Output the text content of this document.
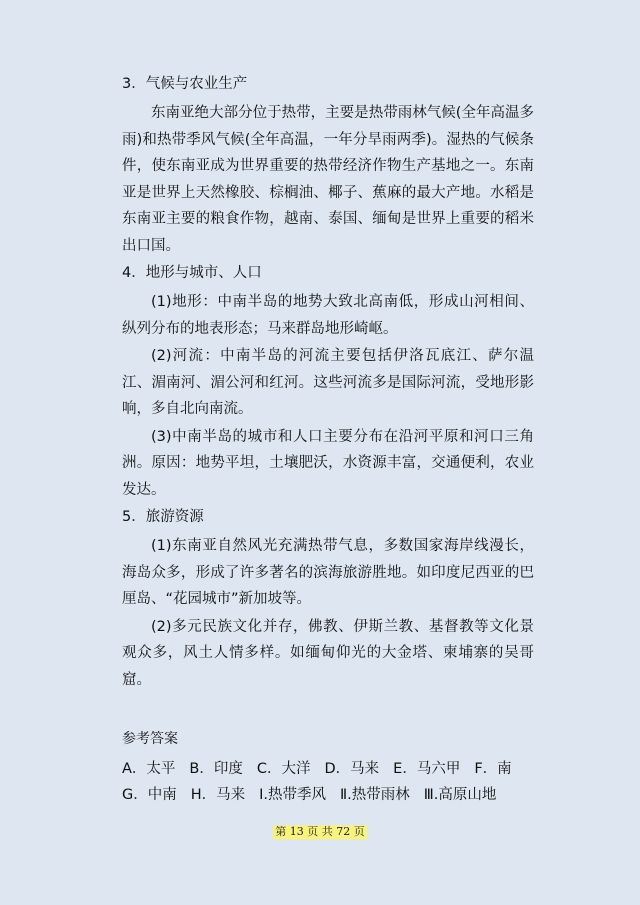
3．气候与农业生产

东南亚绝大部分位于热带，主要是热带雨林气候(全年高温多雨)和热带季风气候(全年高温，一年分旱雨两季)。湿热的气候条件，使东南亚成为世界重要的热带经济作物生产基地之一。东南亚是世界上天然橡胶、棕榈油、椰子、蕉麻的最大产地。水稻是东南亚主要的粮食作物，越南、泰国、缅甸是世界上重要的稻米出口国。

4．地形与城市、人口

(1)地形：中南半岛的地势大致北高南低，形成山河相间、纵列分布的地表形态；马来群岛地形崎岖。

(2)河流：中南半岛的河流主要包括伊洛瓦底江、萨尔温江、湄南河、湄公河和红河。这些河流多是国际河流，受地形影响，多自北向南流。

(3)中南半岛的城市和人口主要分布在沿河平原和河口三角洲。原因：地势平坦，土壤肥沃，水资源丰富，交通便利，农业发达。

5．旅游资源

(1)东南亚自然风光充满热带气息，多数国家海岸线漫长，海岛众多，形成了许多著名的滨海旅游胜地。如印度尼西亚的巴厘岛、“花园城市”新加坡等。

(2)多元民族文化并存，佛教、伊斯兰教、基督教等文化景观众多，风土人情多样。如缅甸仰光的大金塔、柬埔寨的吴哥窟。

参考答案
A．太平 B．印度 C．大洋 D．马来 E．马六甲 F．南
G．中南 H．马来 Ⅰ.热带季风 Ⅱ.热带雨林 Ⅲ.高原山地
第 13 页 共 72 页
